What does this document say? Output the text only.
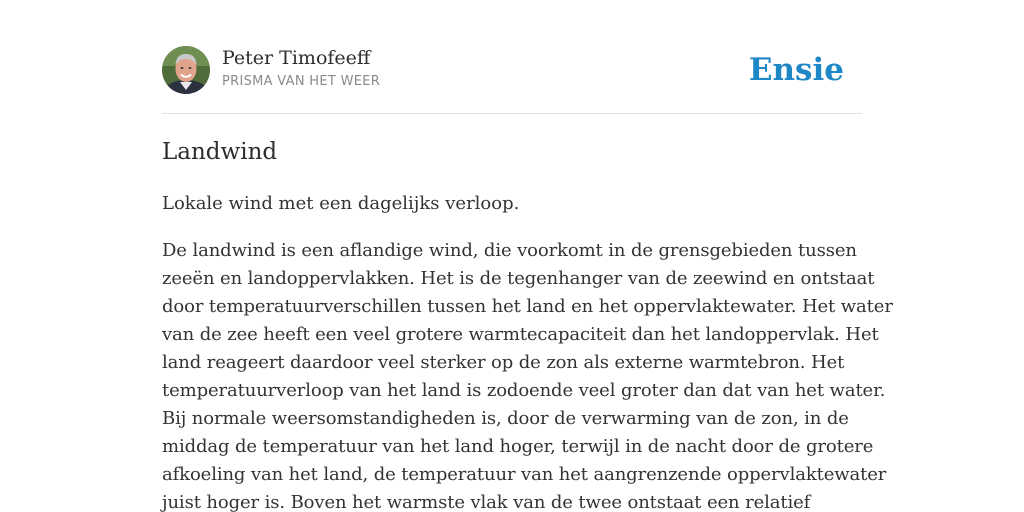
Peter Timofeeff
PRISMA VAN HET WEER	Ensie
Landwind

Lokale wind met een dagelijks verloop.

De landwind is een aflandige wind, die voorkomt in de grensgebieden tussen
zeeën en landoppervlakken. Het is de tegenhanger van de zeewind en ontstaat
door temperatuurverschillen tussen het land en het oppervlaktewater. Het water
van de zee heeft een veel grotere warmtecapaciteit dan het landoppervlak. Het
land reageert daardoor veel sterker op de zon als externe warmtebron. Het
temperatuurverloop van het land is zodoende veel groter dan dat van het water.
Bij normale weersomstandigheden is, door de verwarming van de zon, in de
middag de temperatuur van het land hoger, terwijl in de nacht door de grotere
afkoeling van het land, de temperatuur van het aangrenzende oppervlaktewater
juist hoger is. Boven het warmste vlak van de twee ontstaat een relatief
